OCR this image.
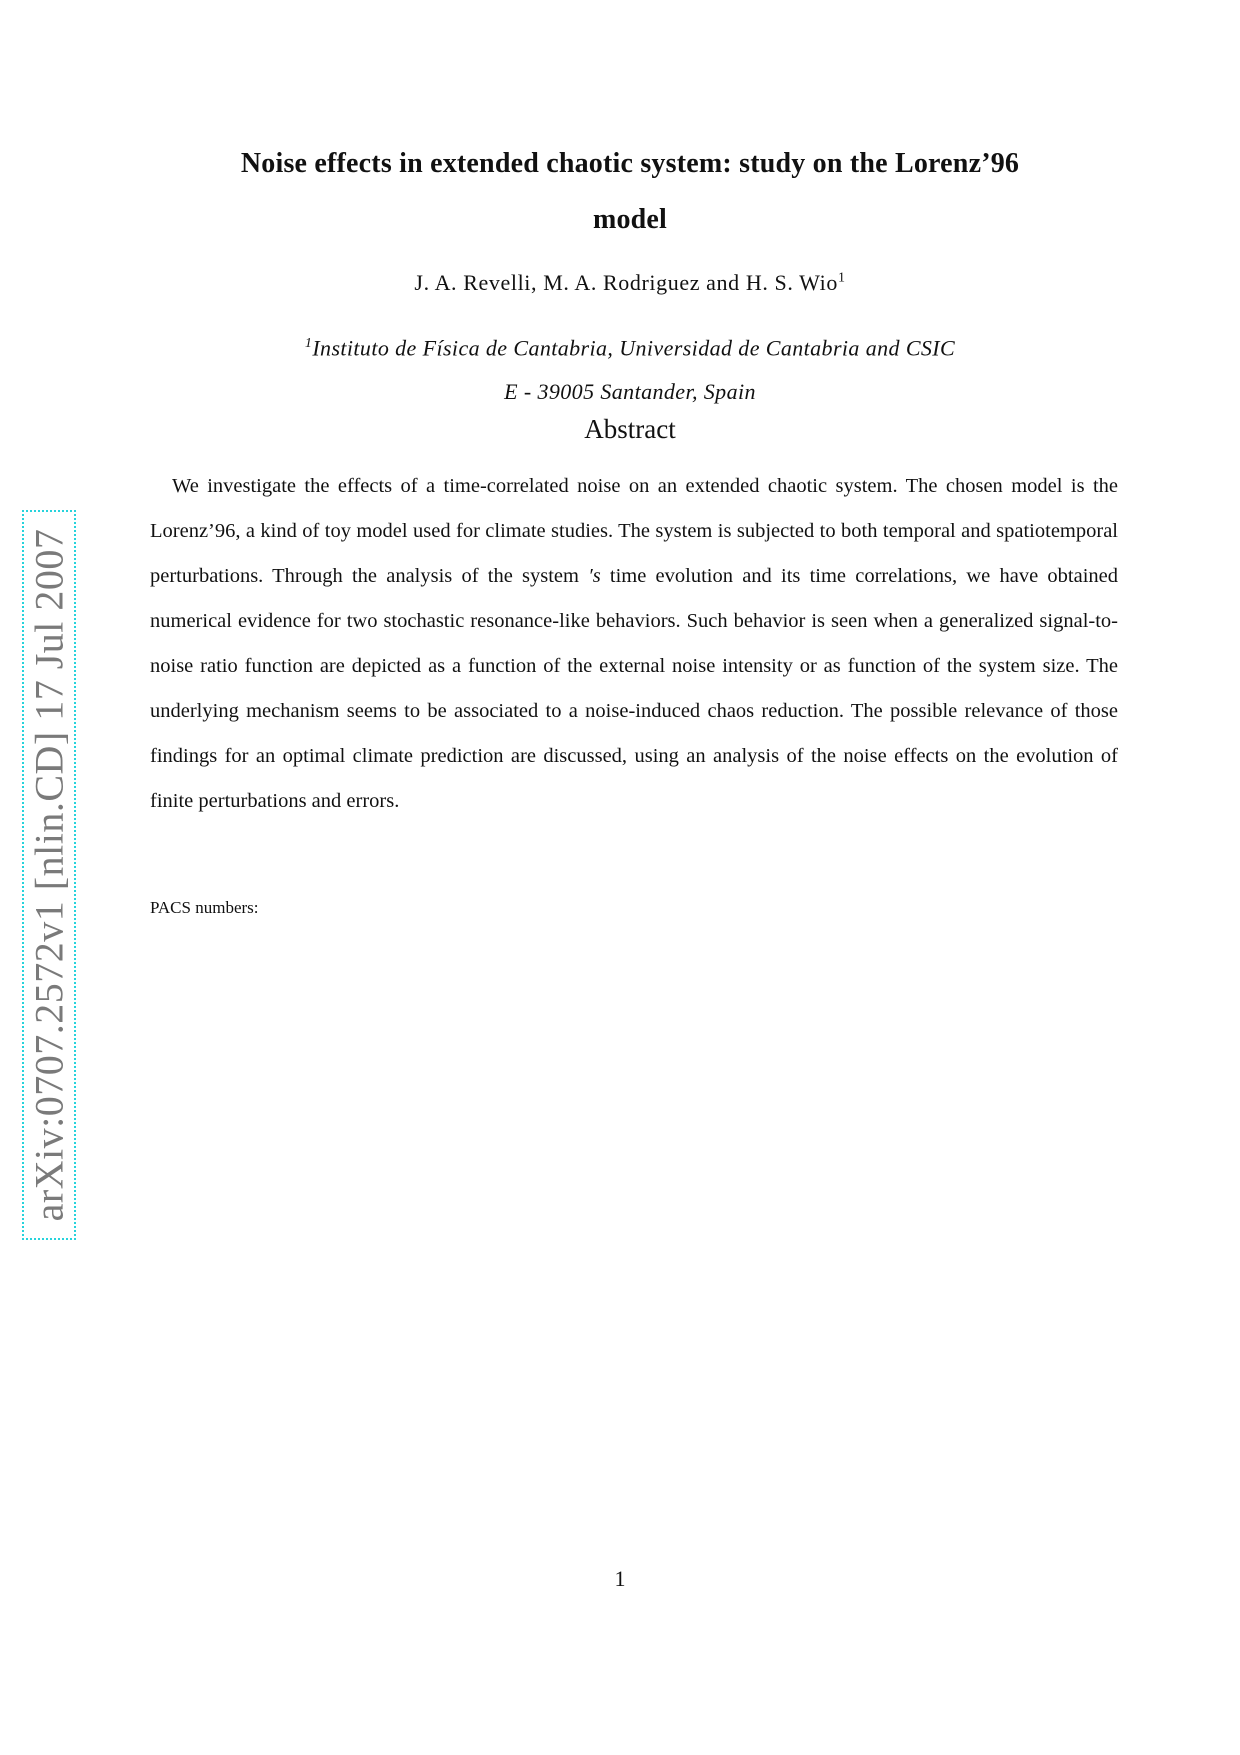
arXiv:0707.2572v1 [nlin.CD] 17 Jul 2007
Noise effects in extended chaotic system: study on the Lorenz’96
model
J. A. Revelli, M. A. Rodriguez and H. S. Wio$^1$
$^1$Instituto de Física de Cantabria, Universidad de Cantabria and CSIC
E - 39005 Santander, Spain
Abstract
We investigate the effects of a time-correlated noise on an extended chaotic system. The chosen model is the Lorenz’96, a kind of toy model used for climate studies. The system is subjected to both temporal and spatiotemporal perturbations. Through the analysis of the system ′s time evolution and its time correlations, we have obtained numerical evidence for two stochastic resonance-like behaviors. Such behavior is seen when a generalized signal-to-noise ratio function are depicted as a function of the external noise intensity or as function of the system size. The underlying mechanism seems to be associated to a noise-induced chaos reduction. The possible relevance of those findings for an optimal climate prediction are discussed, using an analysis of the noise effects on the evolution of finite perturbations and errors.
PACS numbers:
1
